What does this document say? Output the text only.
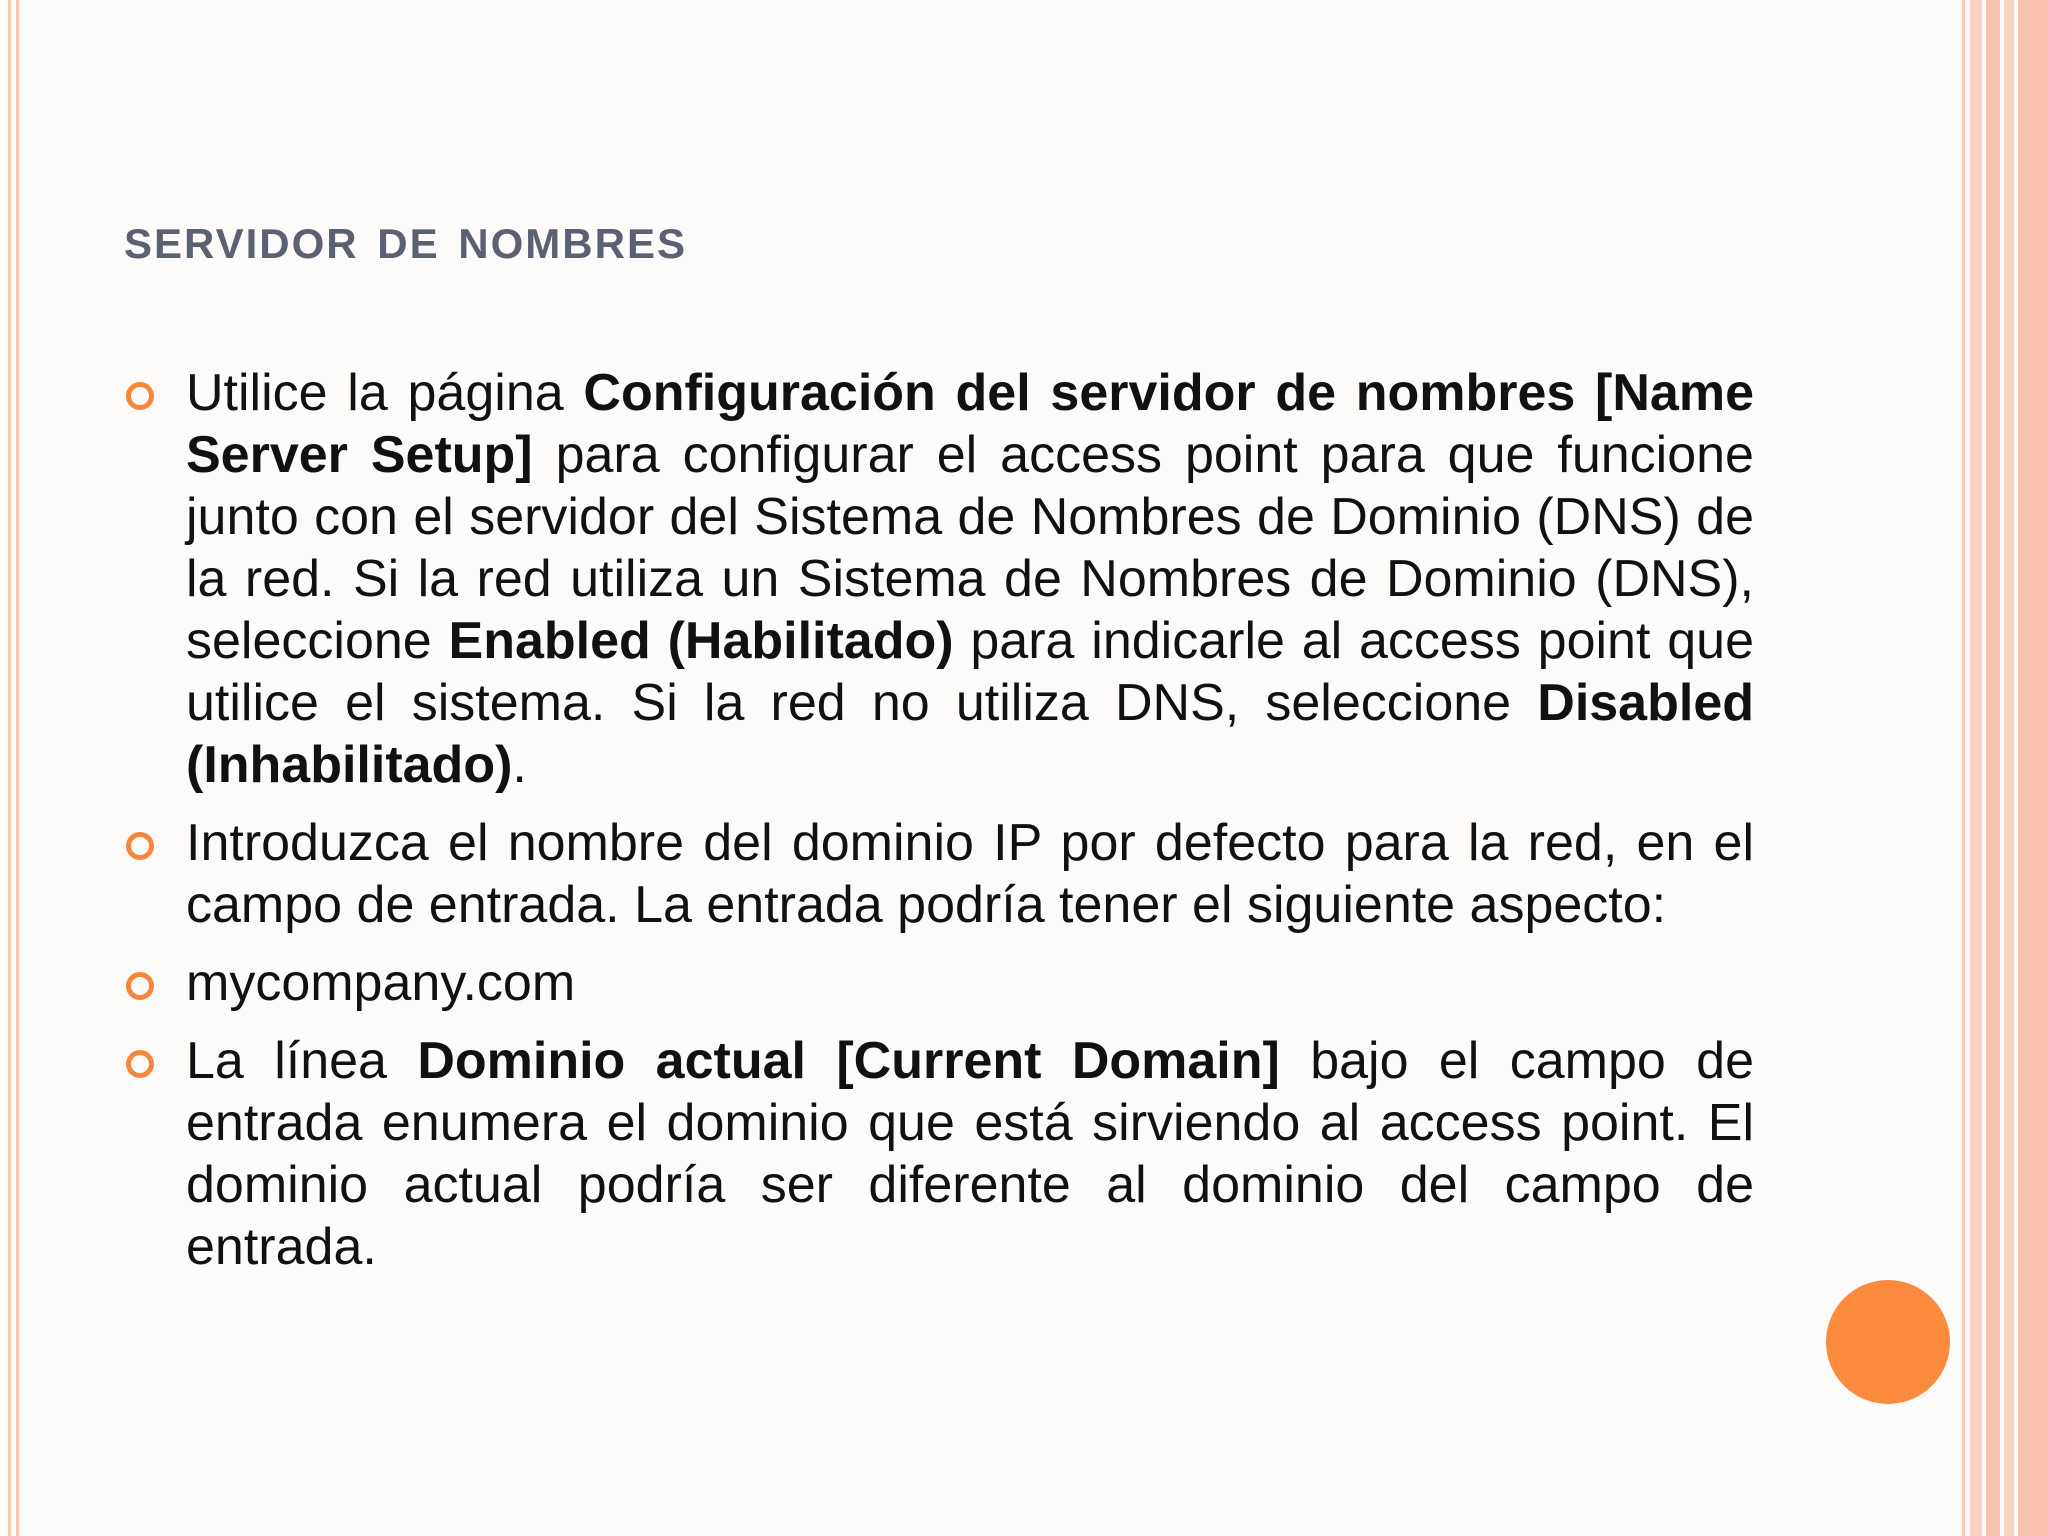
servidor de nombres
Utilice la página Configuración del servidor de nombres [Name Server Setup] para configurar el access point para que funcione junto con el servidor del Sistema de Nombres de Dominio (DNS) de la red. Si la red utiliza un Sistema de Nombres de Dominio (DNS), seleccione Enabled (Habilitado) para indicarle al access point que utilice el sistema. Si la red no utiliza DNS, seleccione Disabled (Inhabilitado).
Introduzca el nombre del dominio IP por defecto para la red, en el campo de entrada. La entrada podría tener el siguiente aspecto:
mycompany.com
La línea Dominio actual [Current Domain] bajo el campo de entrada enumera el dominio que está sirviendo al access point. El dominio actual podría ser diferente al dominio del campo de entrada.
